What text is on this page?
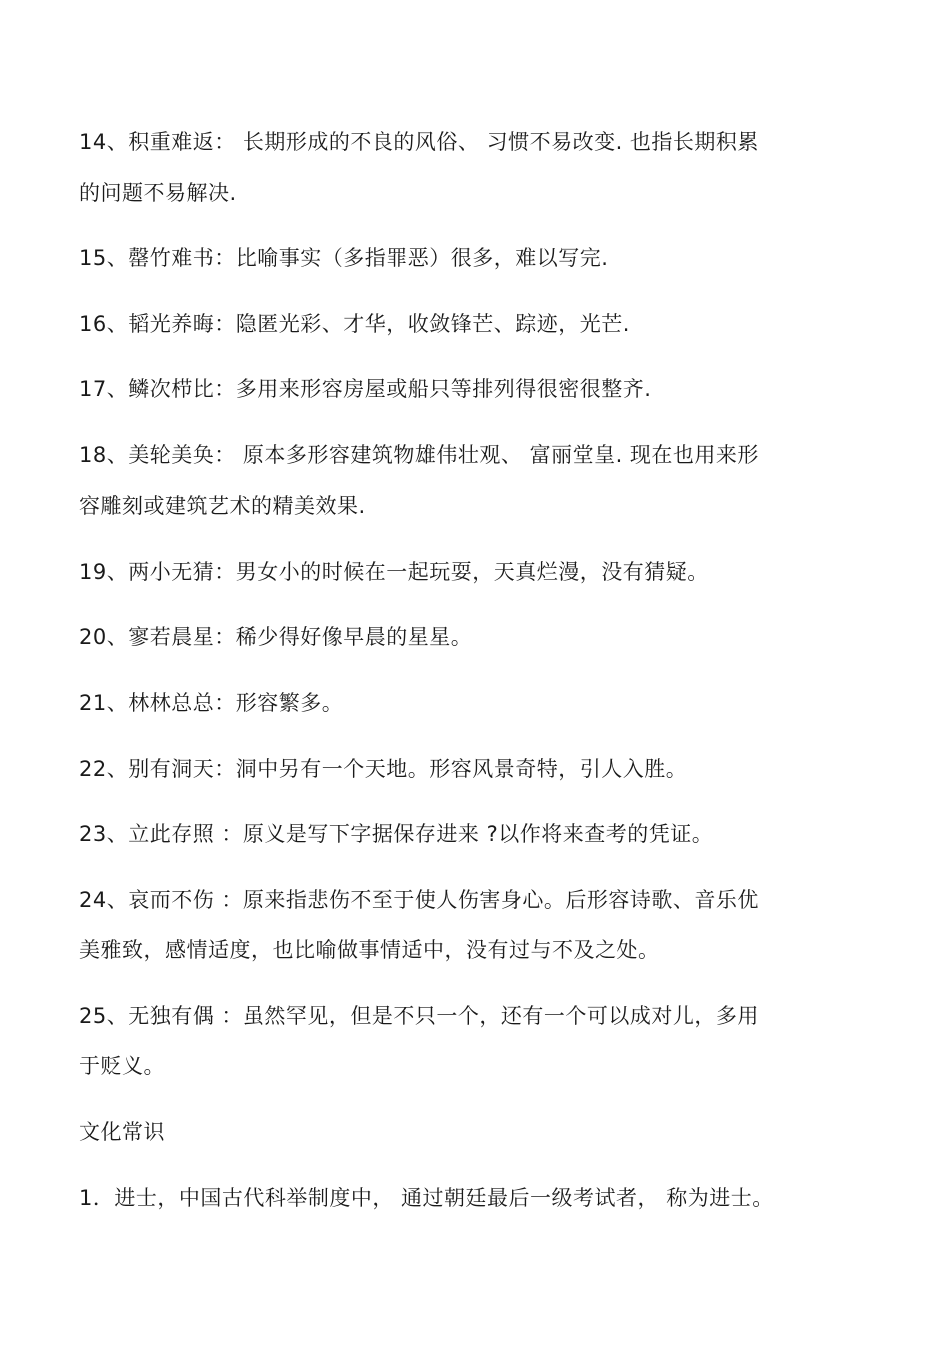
14、积重难返： 长期形成的不良的风俗、 习惯不易改变. 也指长期积累
的问题不易解决.
15、罄竹难书：比喻事实（多指罪恶）很多，难以写完.
16、韬光养晦：隐匿光彩、才华，收敛锋芒、踪迹，光芒.
17、鳞次栉比：多用来形容房屋或船只等排列得很密很整齐.
18、美轮美奂： 原本多形容建筑物雄伟壮观、 富丽堂皇. 现在也用来形
容雕刻或建筑艺术的精美效果.
19、两小无猜：男女小的时候在一起玩耍，天真烂漫，没有猜疑。
20、寥若晨星：稀少得好像早晨的星星。
21、林林总总：形容繁多。
22、别有洞天：洞中另有一个天地。形容风景奇特，引人入胜。
23、立此存照 ：原义是写下字据保存进来 ?以作将来查考的凭证。
24、哀而不伤 ：原来指悲伤不至于使人伤害身心。后形容诗歌、音乐优
美雅致，感情适度，也比喻做事情适中，没有过与不及之处。
25、无独有偶 ：虽然罕见，但是不只一个，还有一个可以成对儿，多用
于贬义。
文化常识
1．进士，中国古代科举制度中， 通过朝廷最后一级考试者， 称为进士。
